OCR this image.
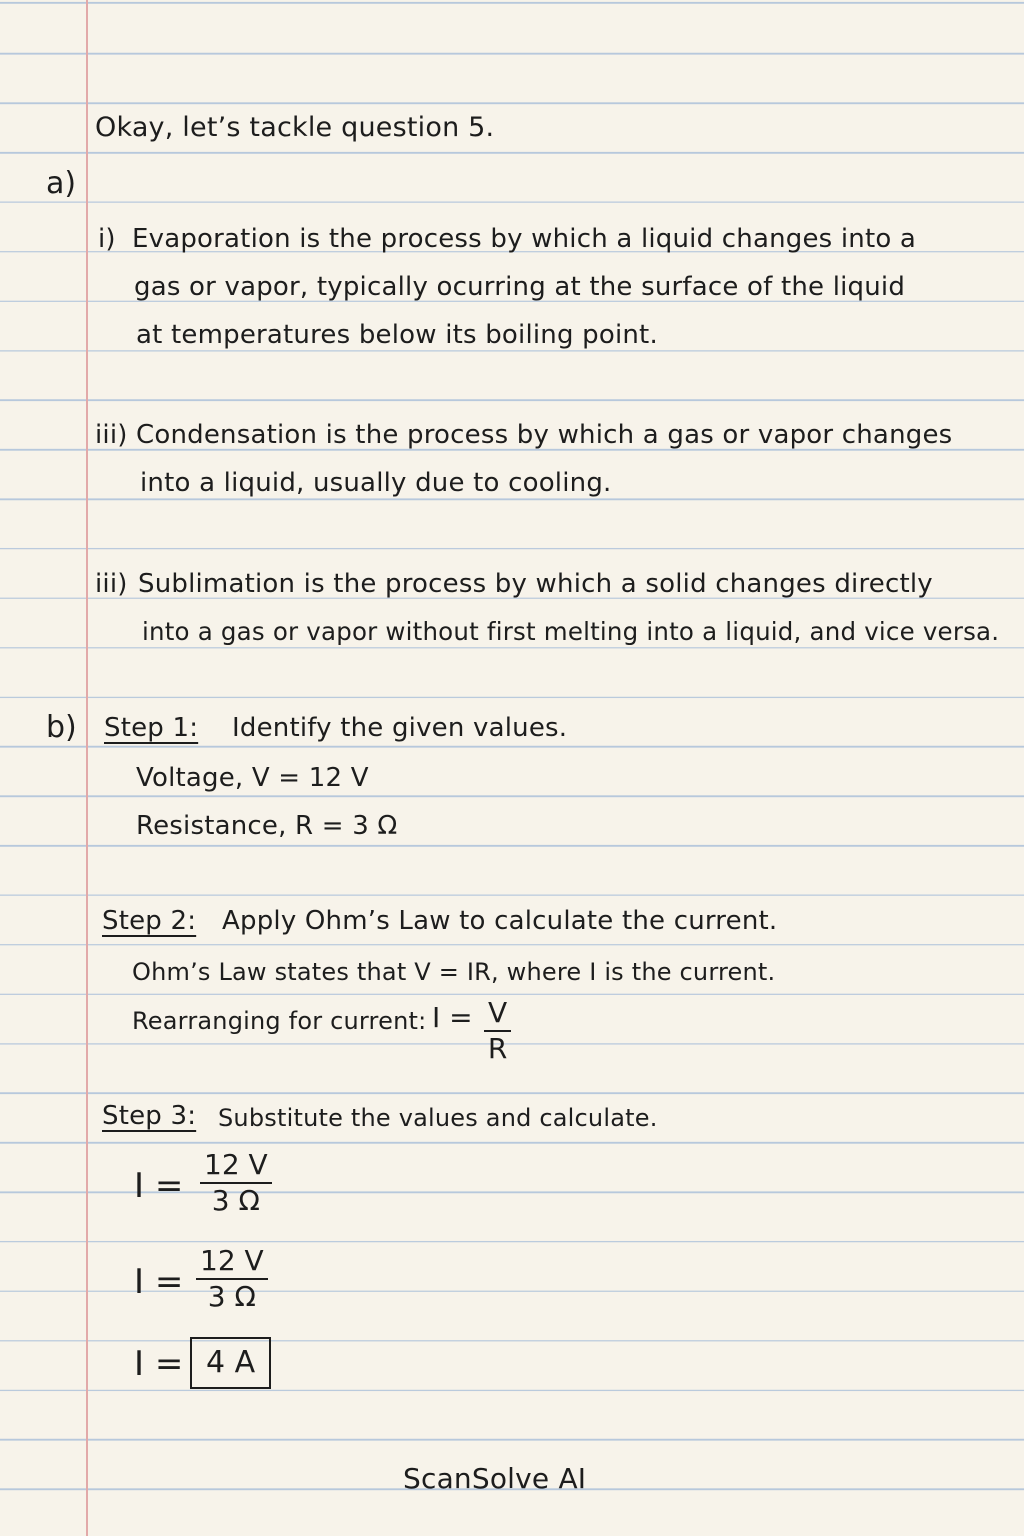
Okay, let’s tackle question 5.
a)
i) Evaporation is the process by which a liquid changes into a
gas or vapor, typically ocurring at the surface of the liquid
at temperatures below its boiling point.
iii) Condensation is the process by which a gas or vapor changes
into a liquid, usually due to cooling.
iii) Sublimation is the process by which a solid changes directly
into a gas or vapor without first melting into a liquid, and vice versa.
b) Step 1: Identify the given values.
Voltage, V = 12 V
Resistance, R = 3 Ω
Step 2: Apply Ohm’s Law to calculate the current.
Ohm’s Law states that V = IR, where I is the current.
Rearranging for current: $I = \frac{V}{R}$
Step 3: Substitute the values and calculate.
$I = \frac{12 V}{3 \Omega}$
$I = \frac{12 V}{3 \Omega}$
I = 4 A
ScanSolve AI
